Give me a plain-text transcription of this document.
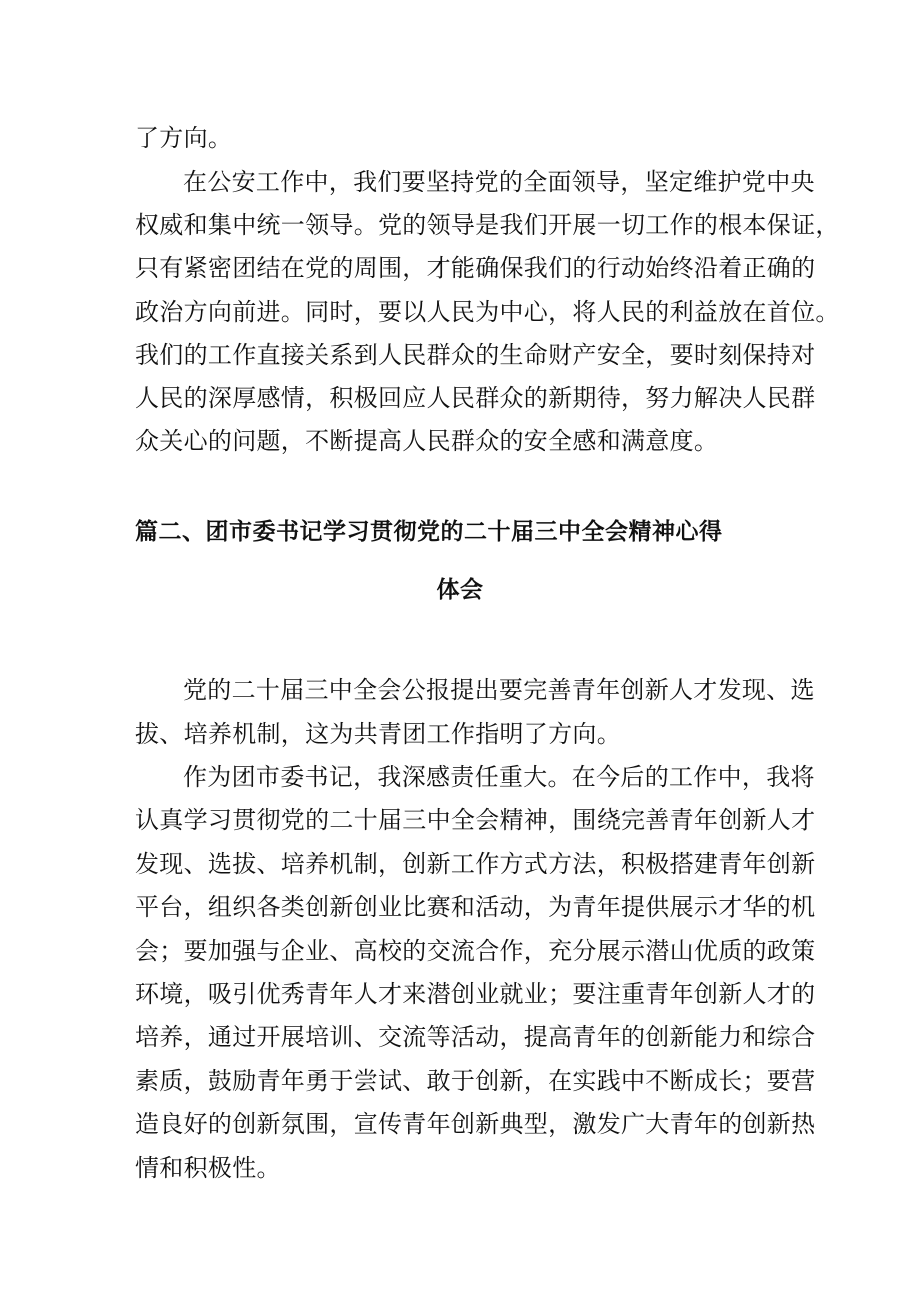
了方向。
在公安工作中，我们要坚持党的全面领导，坚定维护党中央
权威和集中统一领导。党的领导是我们开展一切工作的根本保证，
只有紧密团结在党的周围，才能确保我们的行动始终沿着正确的
政治方向前进。同时，要以人民为中心，将人民的利益放在首位。
我们的工作直接关系到人民群众的生命财产安全，要时刻保持对
人民的深厚感情，积极回应人民群众的新期待，努力解决人民群
众关心的问题，不断提高人民群众的安全感和满意度。
篇二、团市委书记学习贯彻党的二十届三中全会精神心得
体会
党的二十届三中全会公报提出要完善青年创新人才发现、选
拔、培养机制，这为共青团工作指明了方向。
作为团市委书记，我深感责任重大。在今后的工作中，我将
认真学习贯彻党的二十届三中全会精神，围绕完善青年创新人才
发现、选拔、培养机制，创新工作方式方法，积极搭建青年创新
平台，组织各类创新创业比赛和活动，为青年提供展示才华的机
会；要加强与企业、高校的交流合作，充分展示潜山优质的政策
环境，吸引优秀青年人才来潜创业就业；要注重青年创新人才的
培养，通过开展培训、交流等活动，提高青年的创新能力和综合
素质，鼓励青年勇于尝试、敢于创新，在实践中不断成长；要营
造良好的创新氛围，宣传青年创新典型，激发广大青年的创新热
情和积极性。
